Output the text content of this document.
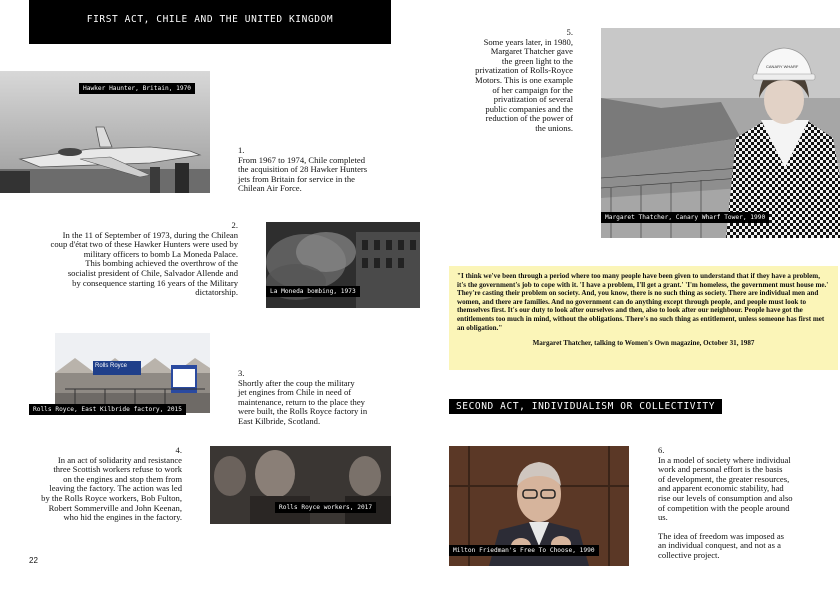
FIRST ACT, CHILE AND THE UNITED KINGDOM
SECOND ACT, INDIVIDUALISM OR COLLECTIVITY
Hawker Haunter, Britain, 1970
1.
From 1967 to 1974, Chile completed
the acquisition of 28 Hawker Hunters
jets from Britain for service in the
Chilean Air Force.
2.
In the 11 of September of 1973, during the Chilean
coup d'état two of these Hawker Hunters were used by
military officers to bomb La Moneda Palace.
This bombing achieved the overthrow of the
socialist president of Chile, Salvador Allende and
by consequence starting 16 years of the Military
dictatorship.	La Moneda bombing, 1973
Rolls Royce
Rolls Royce, East Kilbride factory, 2015
3.
Shortly after the coup the military
jet engines from Chile in need of
maintenance, return to the place they
were built, the Rolls Royce factory in
East Kilbride, Scotland.
4.
In an act of solidarity and resistance
three Scottish workers refuse to work
on the engines and stop them from
leaving the factory. The action was led
by the Rolls Royce workers, Bob Fulton,
Robert Sommerville and John Keenan,
who hid the engines in the factory.
Rolls Royce workers, 2017
5.
Some years later, in 1980,
Margaret Thatcher gave
the green light to the
privatization of Rolls-Royce
Motors. This is one example
of her campaign for the
privatization of several
public companies and the
reduction of the power of
the unions.
CANARY WHARF
Margaret Thatcher, Canary Wharf Tower, 1990
"I think we've been through a period where too many people have been given to understand that if they have a problem, it's the government's job to cope with it. 'I have a problem, I'll get a grant.' 'I'm homeless, the government must house me.' They're casting their problem on society. And, you know, there is no such thing as society. There are individual men and women, and there are families. And no government can do anything except through people, and people must look to themselves first. It's our duty to look after ourselves and then, also to look after our neighbour. People have got the entitlements too much in mind, without the obligations. There's no such thing as entitlement, unless someone has first met an obligation."
Margaret Thatcher, talking to Women's Own magazine, October 31, 1987
Milton Friedman's Free To Choose, 1990
6.
In a model of society where individual
work and personal effort is the basis
of development, the greater resources,
and apparent economic stability, had
rise our levels of consumption and also
of competition with the people around
us.
The idea of freedom was imposed as
an individual conquest, and not as a
collective project.
22
